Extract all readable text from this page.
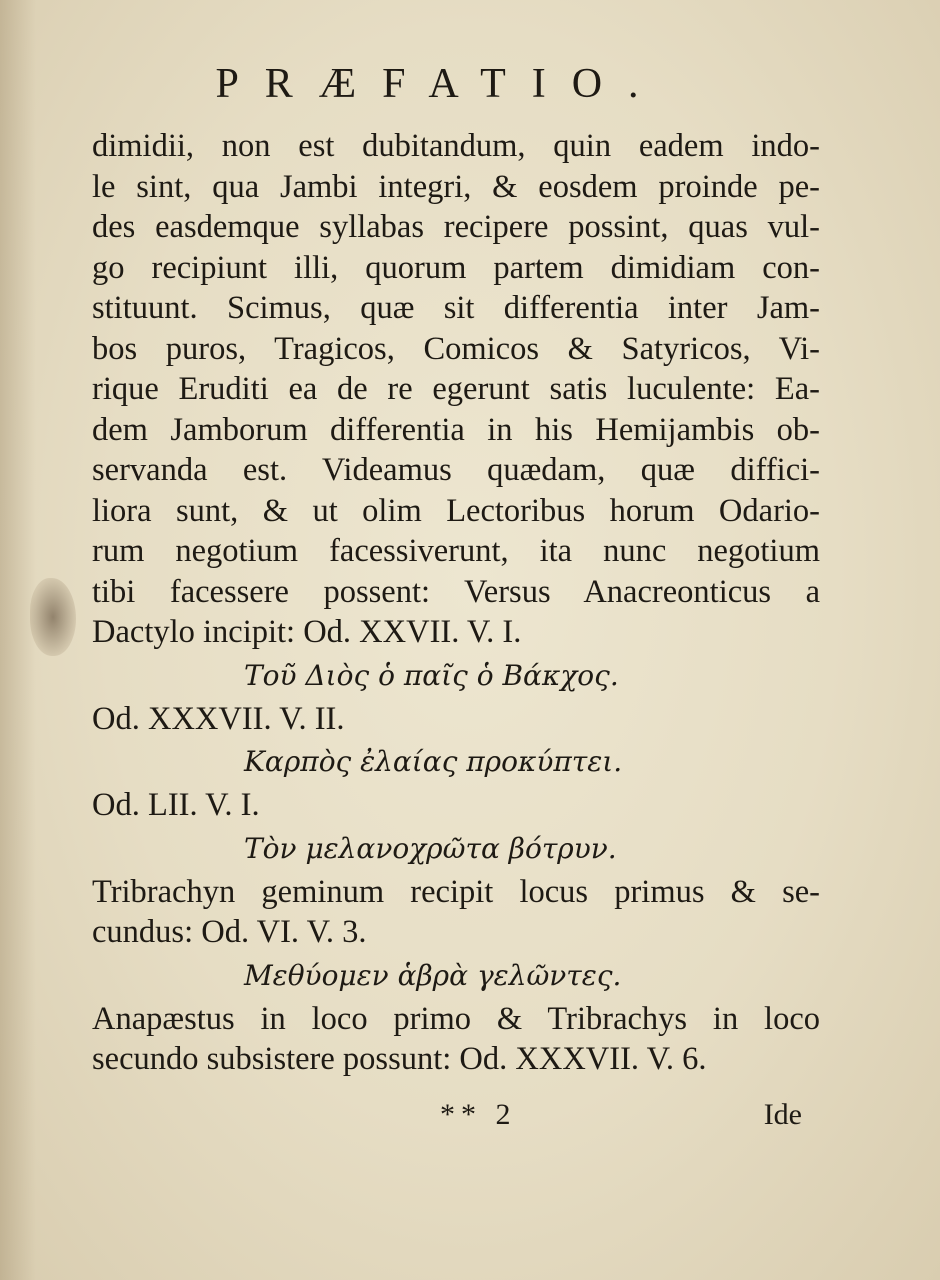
PRÆFATIO.
dimidii, non est dubitandum, quin eadem indo-
le sint, qua Jambi integri, & eosdem proinde pe-
des easdemque syllabas recipere possint, quas vul-
go recipiunt illi, quorum partem dimidiam con-
stituunt. Scimus, quæ sit differentia inter Jam-
bos puros, Tragicos, Comicos & Satyricos, Vi-
rique Eruditi ea de re egerunt satis luculente: Ea-
dem Jamborum differentia in his Hemijambis ob-
servanda est. Videamus quædam, quæ diffici-
liora sunt, & ut olim Lectoribus horum Odario-
rum negotium facessiverunt, ita nunc negotium
tibi facessere possent: Versus Anacreonticus a
Dactylo incipit: Od. XXVII. V. I.
Τοῦ Διὸς ὁ παῖς ὁ Βάκχος.
Od. XXXVII. V. II.
Καρπὸς ἐλαίας προκύπτει.
Od. LII. V. I.
Τὸν μελανοχρῶτα βότρυν.
Tribrachyn geminum recipit locus primus & se-
cundus: Od. VI. V. 3.
Μεθύομεν ἁβρὰ γελῶντες.
Anapæstus in loco primo & Tribrachys in loco
secundo subsistere possunt: Od. XXXVII. V. 6.
** 2	Ide
